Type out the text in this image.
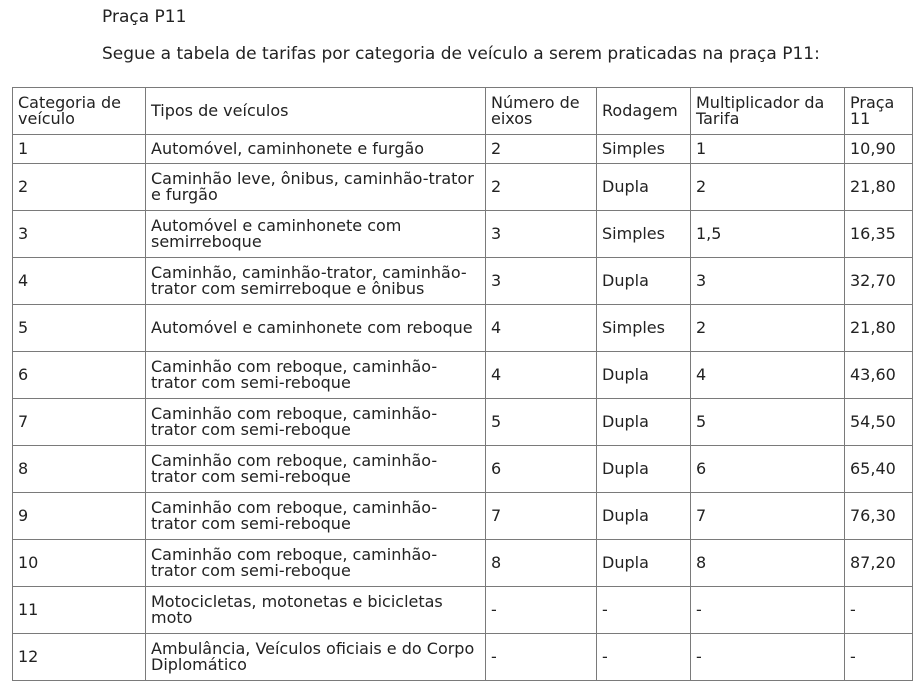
Praça P11
Segue a tabela de tarifas por categoria de veículo a serem praticadas na praça P11:
Categoria de veículo	Tipos de veículos	Número de eixos	Rodagem	Multiplicador da Tarifa	Praça 11
1	Automóvel, caminhonete e furgão	2	Simples	1	10,90
2	Caminhão leve, ônibus, caminhão-trator e furgão	2	Dupla	2	21,80
3	Automóvel e caminhonete com semirreboque	3	Simples	1,5	16,35
4	Caminhão, caminhão-trator, caminhão-trator com semirreboque e ônibus	3	Dupla	3	32,70
5	Automóvel e caminhonete com reboque	4	Simples	2	21,80
6	Caminhão com reboque, caminhão-trator com semi-reboque	4	Dupla	4	43,60
7	Caminhão com reboque, caminhão-trator com semi-reboque	5	Dupla	5	54,50
8	Caminhão com reboque, caminhão-trator com semi-reboque	6	Dupla	6	65,40
9	Caminhão com reboque, caminhão-trator com semi-reboque	7	Dupla	7	76,30
10	Caminhão com reboque, caminhão-trator com semi-reboque	8	Dupla	8	87,20
11	Motocicletas, motonetas e bicicletas moto	-	-	-	-
12	Ambulância, Veículos oficiais e do Corpo Diplomático	-	-	-	-
